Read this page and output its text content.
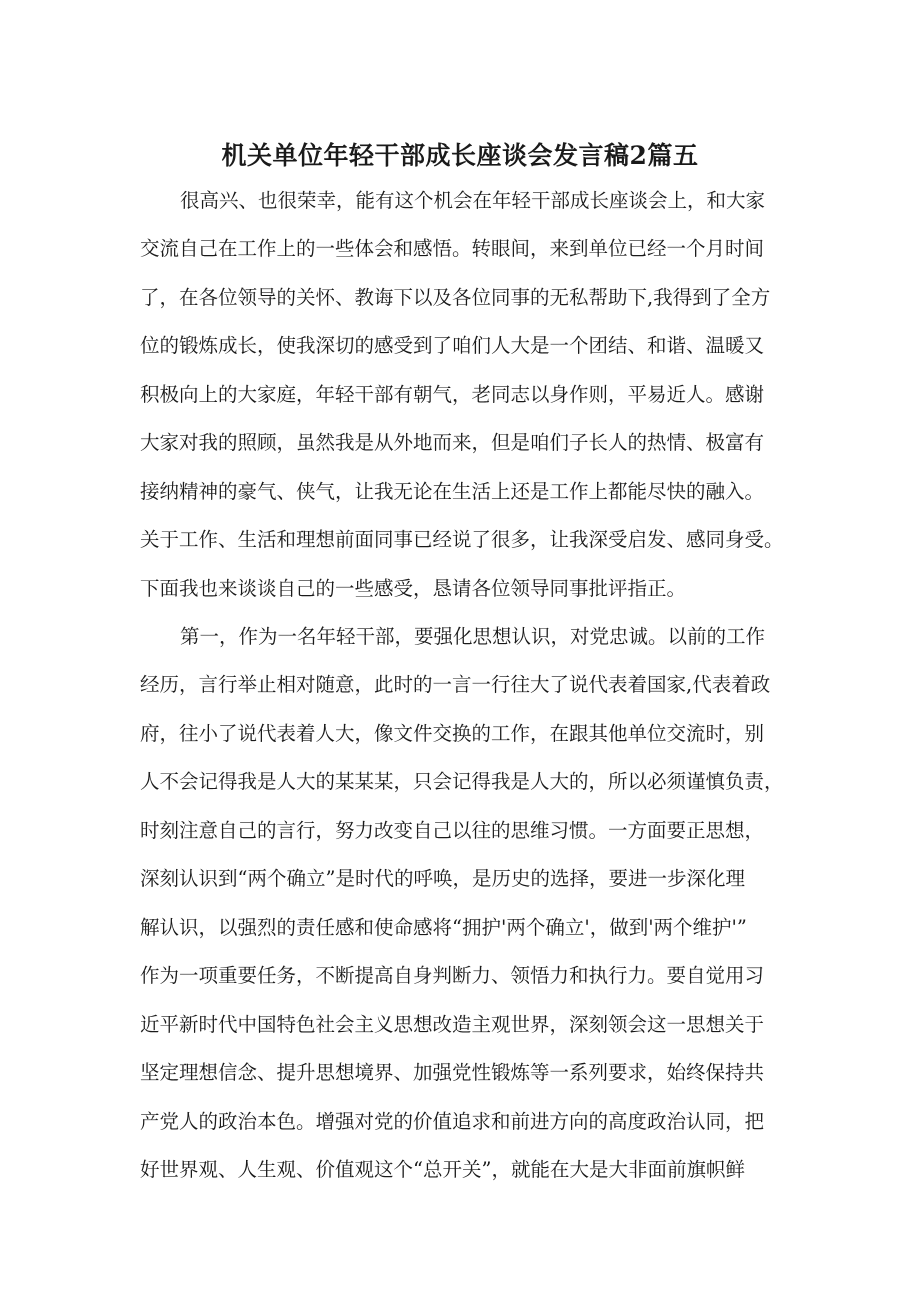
机关单位年轻干部成长座谈会发言稿2篇五
很高兴、也很荣幸，能有这个机会在年轻干部成长座谈会上，和大家
交流自己在工作上的一些体会和感悟。转眼间，来到单位已经一个月时间
了，在各位领导的关怀、教诲下以及各位同事的无私帮助下,我得到了全方
位的锻炼成长，使我深切的感受到了咱们人大是一个团结、和谐、温暖又
积极向上的大家庭，年轻干部有朝气，老同志以身作则，平易近人。感谢
大家对我的照顾，虽然我是从外地而来，但是咱们子长人的热情、极富有
接纳精神的豪气、侠气，让我无论在生活上还是工作上都能尽快的融入。
关于工作、生活和理想前面同事已经说了很多，让我深受启发、感同身受。
下面我也来谈谈自己的一些感受，恳请各位领导同事批评指正。
第一，作为一名年轻干部，要强化思想认识，对党忠诚。以前的工作
经历，言行举止相对随意，此时的一言一行往大了说代表着国家,代表着政
府，往小了说代表着人大，像文件交换的工作，在跟其他单位交流时，别
人不会记得我是人大的某某某，只会记得我是人大的，所以必须谨慎负责，
时刻注意自己的言行，努力改变自己以往的思维习惯。一方面要正思想，
深刻认识到“两个确立”是时代的呼唤，是历史的选择，要进一步深化理
解认识，以强烈的责任感和使命感将“拥护'两个确立'，做到'两个维护'”
作为一项重要任务，不断提高自身判断力、领悟力和执行力。要自觉用习
近平新时代中国特色社会主义思想改造主观世界，深刻领会这一思想关于
坚定理想信念、提升思想境界、加强党性锻炼等一系列要求，始终保持共
产党人的政治本色。增强对党的价值追求和前进方向的高度政治认同，把
好世界观、人生观、价值观这个“总开关”，就能在大是大非面前旗帜鲜
